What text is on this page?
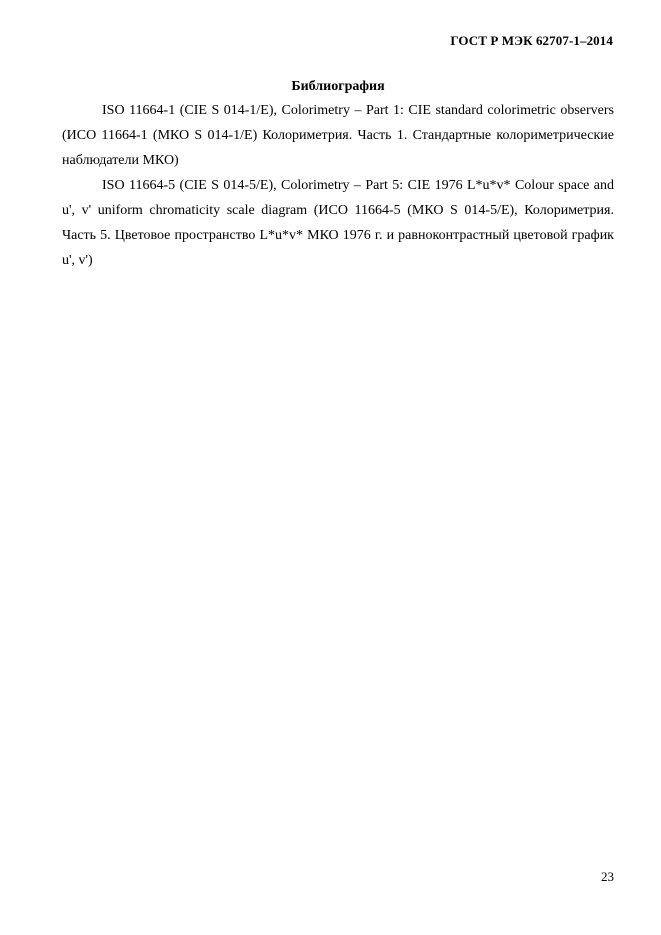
ГОСТ Р МЭК 62707-1–2014
Библиография

ISO 11664-1 (CIE S 014-1/E), Colorimetry – Part 1: CIE standard colorimetric observers (ИСО 11664-1 (МКО S 014-1/E) Колориметрия. Часть 1. Стандартные колориметрические наблюдатели МКО)

ISO 11664-5 (CIE S 014-5/E), Colorimetry – Part 5: CIE 1976 L*u*v* Colour space and u', v' uniform chromaticity scale diagram (ИСО 11664-5 (МКО S 014-5/E), Колориметрия. Часть 5. Цветовое пространство L*u*v* МКО 1976 г. и равноконтрастный цветовой график u', v')

23
